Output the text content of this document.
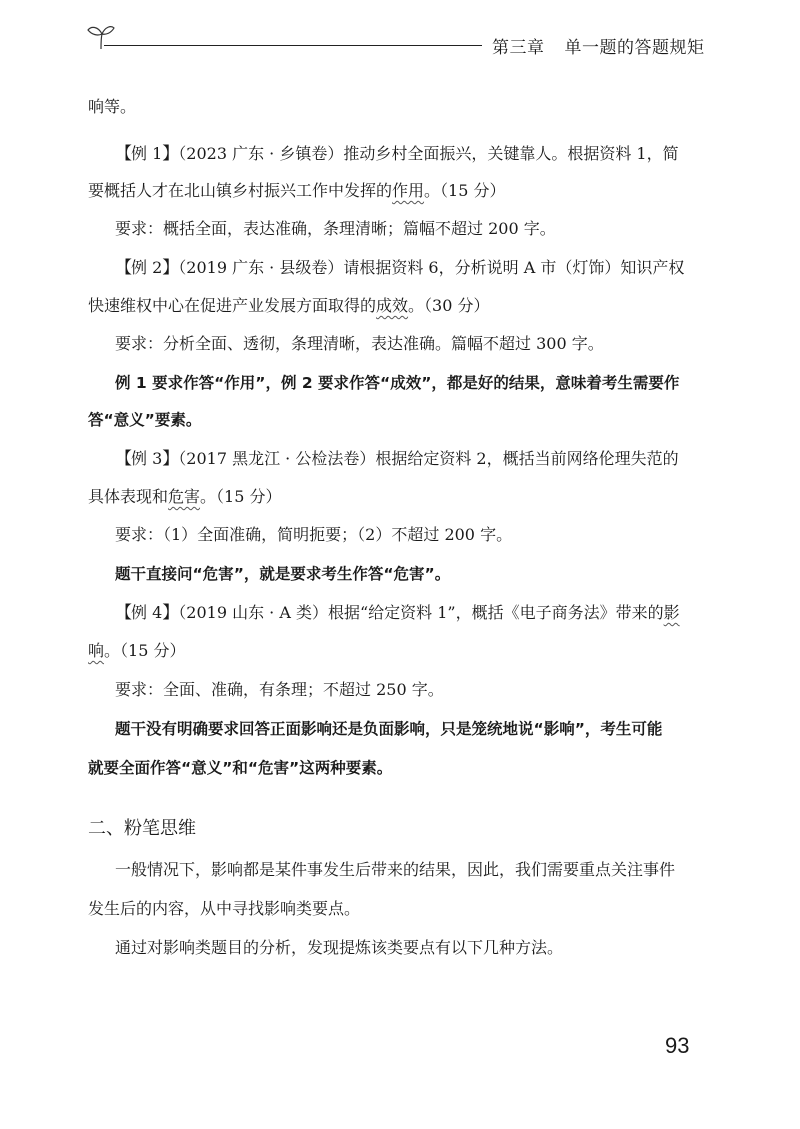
第三章 单一题的答题规矩
响等。
【例 1】（2023 广东 · 乡镇卷）推动乡村全面振兴，关键靠人。根据资料 1，简
要概括人才在北山镇乡村振兴工作中发挥的作用。（15 分）
要求：概括全面，表达准确，条理清晰；篇幅不超过 200 字。
【例 2】（2019 广东 · 县级卷）请根据资料 6，分析说明 A 市（灯饰）知识产权
快速维权中心在促进产业发展方面取得的成效。（30 分）
要求：分析全面、透彻，条理清晰，表达准确。篇幅不超过 300 字。
例 1 要求作答“作用”，例 2 要求作答“成效”，都是好的结果，意味着考生需要作
答“意义”要素。
【例 3】（2017 黑龙江 · 公检法卷）根据给定资料 2，概括当前网络伦理失范的
具体表现和危害。（15 分）
要求：（1）全面准确，简明扼要；（2）不超过 200 字。
题干直接问“危害”，就是要求考生作答“危害”。
【例 4】（2019 山东 · A 类）根据“给定资料 1”，概括《电子商务法》带来的影
响。（15 分）
要求：全面、准确，有条理；不超过 250 字。
题干没有明确要求回答正面影响还是负面影响，只是笼统地说“影响”，考生可能
就要全面作答“意义”和“危害”这两种要素。
二、粉笔思维
一般情况下，影响都是某件事发生后带来的结果，因此，我们需要重点关注事件
发生后的内容，从中寻找影响类要点。
通过对影响类题目的分析，发现提炼该类要点有以下几种方法。
93
